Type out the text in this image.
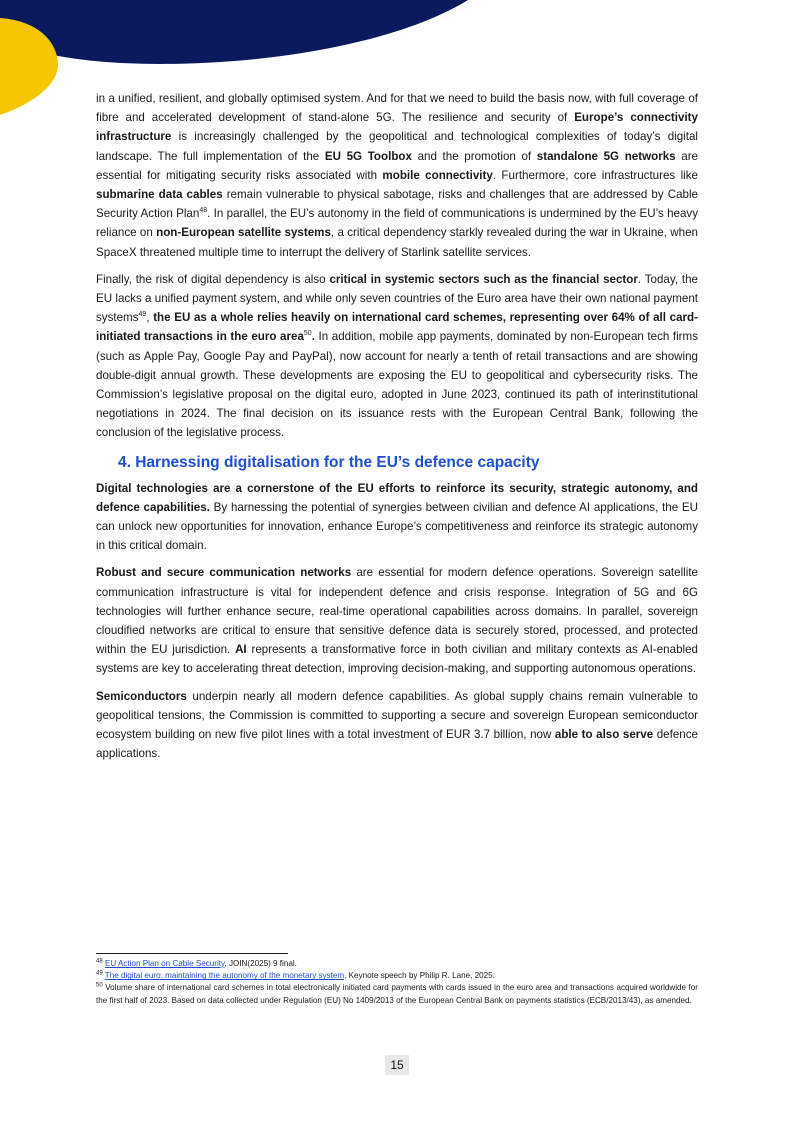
in a unified, resilient, and globally optimised system. And for that we need to build the basis now, with full coverage of fibre and accelerated development of stand-alone 5G. The resilience and security of Europe’s connectivity infrastructure is increasingly challenged by the geopolitical and technological complexities of today’s digital landscape. The full implementation of the EU 5G Toolbox and the promotion of standalone 5G networks are essential for mitigating security risks associated with mobile connectivity. Furthermore, core infrastructures like submarine data cables remain vulnerable to physical sabotage, risks and challenges that are addressed by Cable Security Action Plan$^{48}$. In parallel, the EU’s autonomy in the field of communications is undermined by the EU’s heavy reliance on non-European satellite systems, a critical dependency starkly revealed during the war in Ukraine, when SpaceX threatened multiple time to interrupt the delivery of Starlink satellite services.

Finally, the risk of digital dependency is also critical in systemic sectors such as the financial sector. Today, the EU lacks a unified payment system, and while only seven countries of the Euro area have their own national payment systems$^{49}$, the EU as a whole relies heavily on international card schemes, representing over 64% of all card-initiated transactions in the euro area$^{50}$. In addition, mobile app payments, dominated by non-European tech firms (such as Apple Pay, Google Pay and PayPal), now account for nearly a tenth of retail transactions and are showing double-digit annual growth. These developments are exposing the EU to geopolitical and cybersecurity risks. The Commission’s legislative proposal on the digital euro, adopted in June 2023, continued its path of interinstitutional negotiations in 2024. The final decision on its issuance rests with the European Central Bank, following the conclusion of the legislative process.

4. Harnessing digitalisation for the EU’s defence capacity

Digital technologies are a cornerstone of the EU efforts to reinforce its security, strategic autonomy, and defence capabilities. By harnessing the potential of synergies between civilian and defence AI applications, the EU can unlock new opportunities for innovation, enhance Europe’s competitiveness and reinforce its strategic autonomy in this critical domain.

Robust and secure communication networks are essential for modern defence operations. Sovereign satellite communication infrastructure is vital for independent defence and crisis response. Integration of 5G and 6G technologies will further enhance secure, real-time operational capabilities across domains. In parallel, sovereign cloudified networks are critical to ensure that sensitive defence data is securely stored, processed, and protected within the EU jurisdiction. AI represents a transformative force in both civilian and military contexts as AI-enabled systems are key to accelerating threat detection, improving decision-making, and supporting autonomous operations.

Semiconductors underpin nearly all modern defence capabilities. As global supply chains remain vulnerable to geopolitical tensions, the Commission is committed to supporting a secure and sovereign European semiconductor ecosystem building on new five pilot lines with a total investment of EUR 3.7 billion, now able to also serve defence applications.

$^{48}$ EU Action Plan on Cable Security, JOIN(2025) 9 final.
$^{49}$ The digital euro: maintaining the autonomy of the monetary system, Keynote speech by Philip R. Lane, 2025.
$^{50}$ Volume share of international card schemes in total electronically initiated card payments with cards issued in the euro area and transactions acquired worldwide for the first half of 2023. Based on data collected under Regulation (EU) No 1409/2013 of the European Central Bank on payments statistics (ECB/2013/43), as amended.
15
